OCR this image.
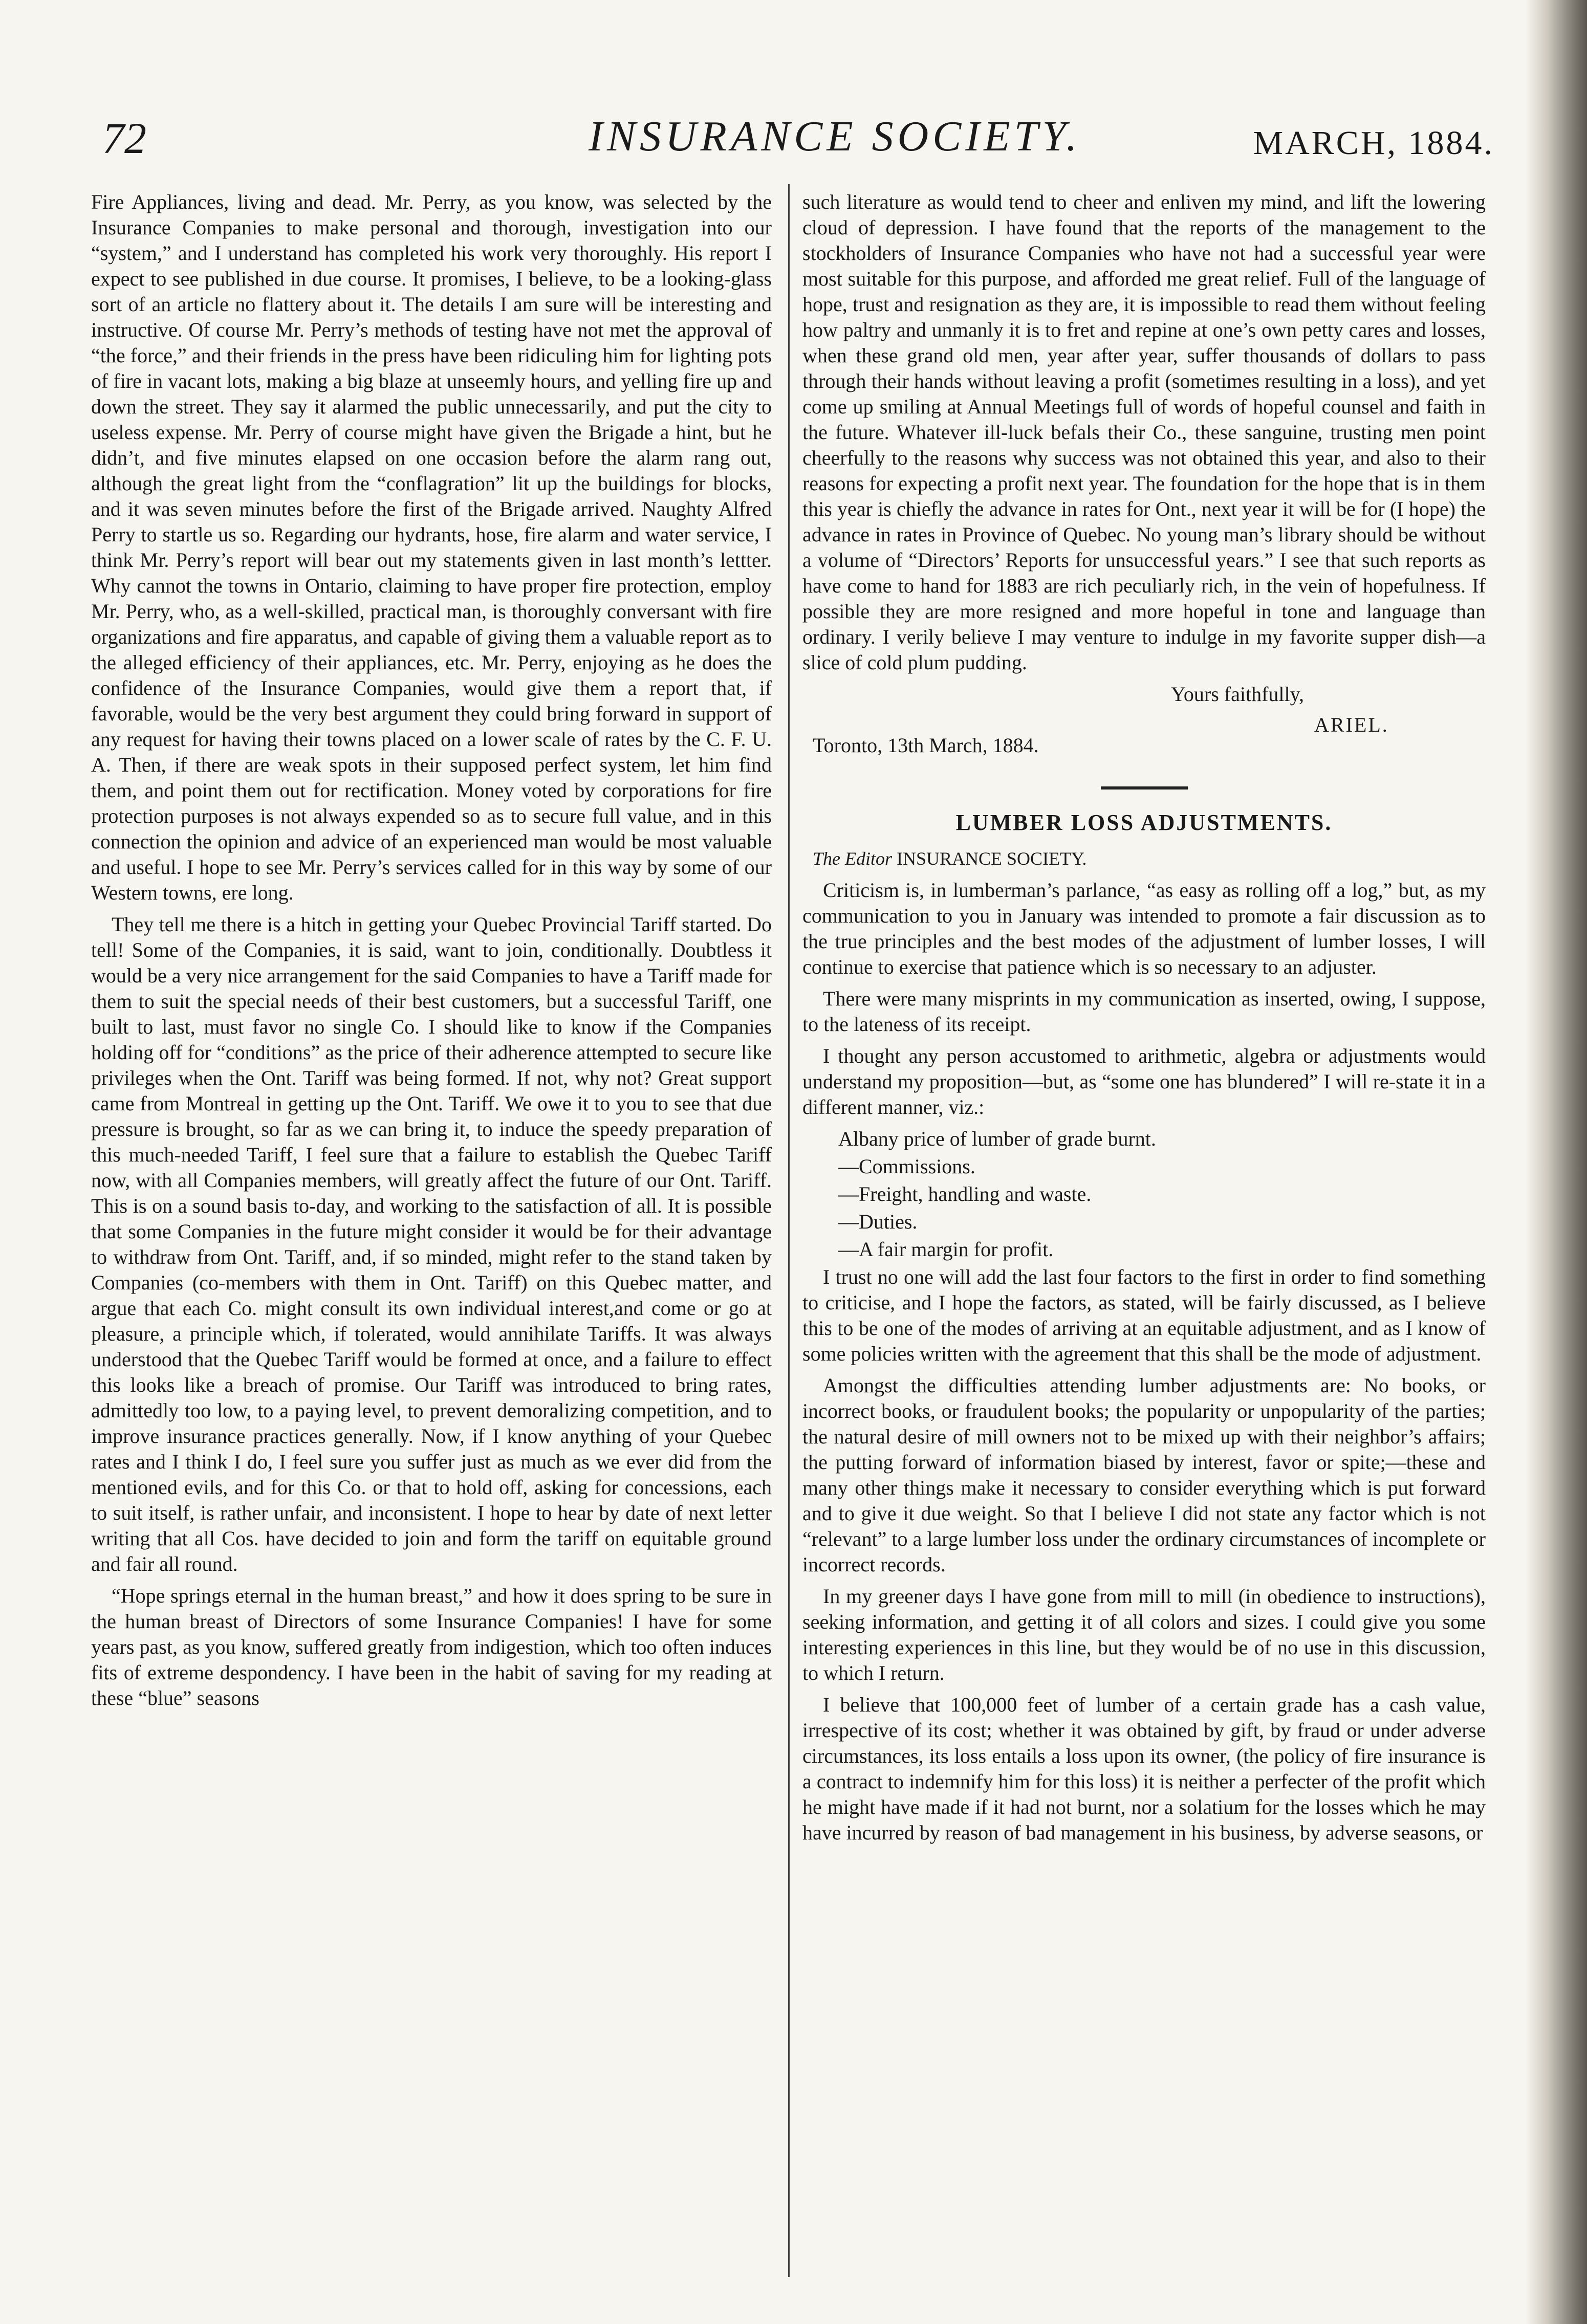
72	INSURANCE SOCIETY.	MARCH, 1884.

Fire Appliances, living and dead. Mr. Perry, as you know, was selected by the Insurance Companies to make personal and thorough, investigation into our “system,” and I understand has completed his work very thoroughly. His report I expect to see published in due course. It promises, I believe, to be a looking-glass sort of an article no flattery about it. The details I am sure will be interesting and instructive. Of course Mr. Perry’s methods of testing have not met the approval of “the force,” and their friends in the press have been ridiculing him for lighting pots of fire in vacant lots, making a big blaze at unseemly hours, and yelling fire up and down the street. They say it alarmed the public unnecessarily, and put the city to useless expense. Mr. Perry of course might have given the Brigade a hint, but he didn’t, and five minutes elapsed on one occasion before the alarm rang out, although the great light from the “conflagration” lit up the buildings for blocks, and it was seven minutes before the first of the Brigade arrived. Naughty Alfred Perry to startle us so. Regarding our hydrants, hose, fire alarm and water service, I think Mr. Perry’s report will bear out my statements given in last month’s lettter. Why cannot the towns in Ontario, claiming to have proper fire protection, employ Mr. Perry, who, as a well-skilled, practical man, is thoroughly conversant with fire organizations and fire apparatus, and capable of giving them a valuable report as to the alleged efficiency of their appliances, etc. Mr. Perry, enjoying as he does the confidence of the Insurance Companies, would give them a report that, if favorable, would be the very best argument they could bring forward in support of any request for having their towns placed on a lower scale of rates by the C. F. U. A. Then, if there are weak spots in their supposed perfect system, let him find them, and point them out for rectification. Money voted by corporations for fire protection purposes is not always expended so as to secure full value, and in this connection the opinion and advice of an experienced man would be most valuable and useful. I hope to see Mr. Perry’s services called for in this way by some of our Western towns, ere long.

They tell me there is a hitch in getting your Quebec Provincial Tariff started. Do tell! Some of the Companies, it is said, want to join, conditionally. Doubtless it would be a very nice arrangement for the said Companies to have a Tariff made for them to suit the special needs of their best customers, but a successful Tariff, one built to last, must favor no single Co. I should like to know if the Companies holding off for “conditions” as the price of their adherence attempted to secure like privileges when the Ont. Tariff was being formed. If not, why not? Great support came from Montreal in getting up the Ont. Tariff. We owe it to you to see that due pressure is brought, so far as we can bring it, to induce the speedy preparation of this much-needed Tariff, I feel sure that a failure to establish the Quebec Tariff now, with all Companies members, will greatly affect the future of our Ont. Tariff. This is on a sound basis to-day, and working to the satisfaction of all. It is possible that some Companies in the future might consider it would be for their advantage to withdraw from Ont. Tariff, and, if so minded, might refer to the stand taken by Companies (co-members with them in Ont. Tariff) on this Quebec matter, and argue that each Co. might consult its own individual interest,and come or go at pleasure, a principle which, if tolerated, would annihilate Tariffs. It was always understood that the Quebec Tariff would be formed at once, and a failure to effect this looks like a breach of promise. Our Tariff was introduced to bring rates, admittedly too low, to a paying level, to prevent demoralizing competition, and to improve insurance practices generally. Now, if I know anything of your Quebec rates and I think I do, I feel sure you suffer just as much as we ever did from the mentioned evils, and for this Co. or that to hold off, asking for concessions, each to suit itself, is rather unfair, and inconsistent. I hope to hear by date of next letter writing that all Cos. have decided to join and form the tariff on equitable ground and fair all round.

“Hope springs eternal in the human breast,” and how it does spring to be sure in the human breast of Directors of some Insurance Companies! I have for some years past, as you know, suffered greatly from indigestion, which too often induces fits of extreme despondency. I have been in the habit of saving for my reading at these “blue” seasons

such literature as would tend to cheer and enliven my mind, and lift the lowering cloud of depression. I have found that the reports of the management to the stockholders of Insurance Companies who have not had a successful year were most suitable for this purpose, and afforded me great relief. Full of the language of hope, trust and resignation as they are, it is impossible to read them without feeling how paltry and unmanly it is to fret and repine at one’s own petty cares and losses, when these grand old men, year after year, suffer thousands of dollars to pass through their hands without leaving a profit (sometimes resulting in a loss), and yet come up smiling at Annual Meetings full of words of hopeful counsel and faith in the future. Whatever ill-luck befals their Co., these sanguine, trusting men point cheerfully to the reasons why success was not obtained this year, and also to their reasons for expecting a profit next year. The foundation for the hope that is in them this year is chiefly the advance in rates for Ont., next year it will be for (I hope) the advance in rates in Province of Quebec. No young man’s library should be without a volume of “Directors’ Reports for unsuccessful years.” I see that such reports as have come to hand for 1883 are rich peculiarly rich, in the vein of hopefulness. If possible they are more resigned and more hopeful in tone and language than ordinary. I verily believe I may venture to indulge in my favorite supper dish—a slice of cold plum pudding.

Yours faithfully,
ARIEL.
Toronto, 13th March, 1884.
LUMBER LOSS ADJUSTMENTS.
The Editor INSURANCE SOCIETY.

Criticism is, in lumberman’s parlance, “as easy as rolling off a log,” but, as my communication to you in January was intended to promote a fair discussion as to the true principles and the best modes of the adjustment of lumber losses, I will continue to exercise that patience which is so necessary to an adjuster.

There were many misprints in my communication as inserted, owing, I suppose, to the lateness of its receipt.

I thought any person accustomed to arithmetic, algebra or adjustments would understand my proposition—but, as “some one has blundered” I will re-state it in a different manner, viz.:

Albany price of lumber of grade burnt.

—Commissions.

—Freight, handling and waste.

—Duties.

—A fair margin for profit.

I trust no one will add the last four factors to the first in order to find something to criticise, and I hope the factors, as stated, will be fairly discussed, as I believe this to be one of the modes of arriving at an equitable adjustment, and as I know of some policies written with the agreement that this shall be the mode of adjustment.

Amongst the difficulties attending lumber adjustments are: No books, or incorrect books, or fraudulent books; the popularity or unpopularity of the parties; the natural desire of mill owners not to be mixed up with their neighbor’s affairs; the putting forward of information biased by interest, favor or spite;—these and many other things make it necessary to consider everything which is put forward and to give it due weight. So that I believe I did not state any factor which is not “relevant” to a large lumber loss under the ordinary circumstances of incomplete or incorrect records.

In my greener days I have gone from mill to mill (in obedience to instructions), seeking information, and getting it of all colors and sizes. I could give you some interesting experiences in this line, but they would be of no use in this discussion, to which I return.

I believe that 100,000 feet of lumber of a certain grade has a cash value, irrespective of its cost; whether it was obtained by gift, by fraud or under adverse circumstances, its loss entails a loss upon its owner, (the policy of fire insurance is a contract to indemnify him for this loss) it is neither a perfecter of the profit which he might have made if it had not burnt, nor a solatium for the losses which he may have incurred by reason of bad management in his business, by adverse seasons, or
